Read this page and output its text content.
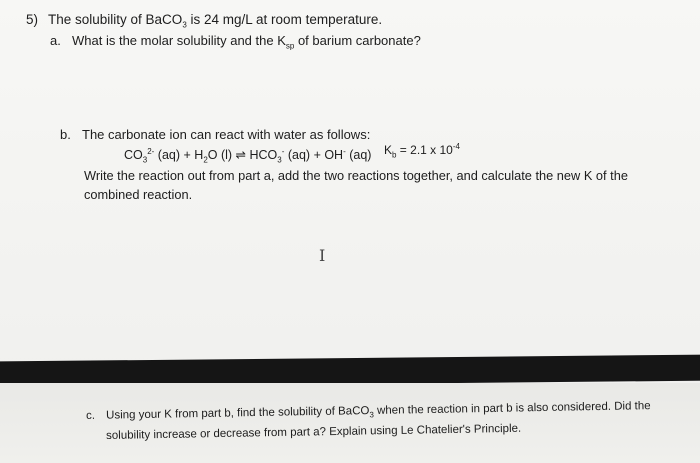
5) The solubility of BaCO$_3$ is 24 mg/L at room temperature.
a. What is the molar solubility and the $K_{sp}$ of barium carbonate?
b. The carbonate ion can react with water as follows:
$CO_3^{2-}$ $(aq) + H_2O$ (l) ⇌ $HCO_3^-$ (aq) + OH- (aq) $K_b = 2.1$ x $10^{-4}$
Write the reaction out from part a, add the two reactions together, and calculate the new K of the combined reaction.
I
c. Using your K from part b, find the solubility of BaCO$_3$ when the reaction in part b is also considered. Did the
solubility increase or decrease from part a? Explain using Le Chatelier's Principle.
